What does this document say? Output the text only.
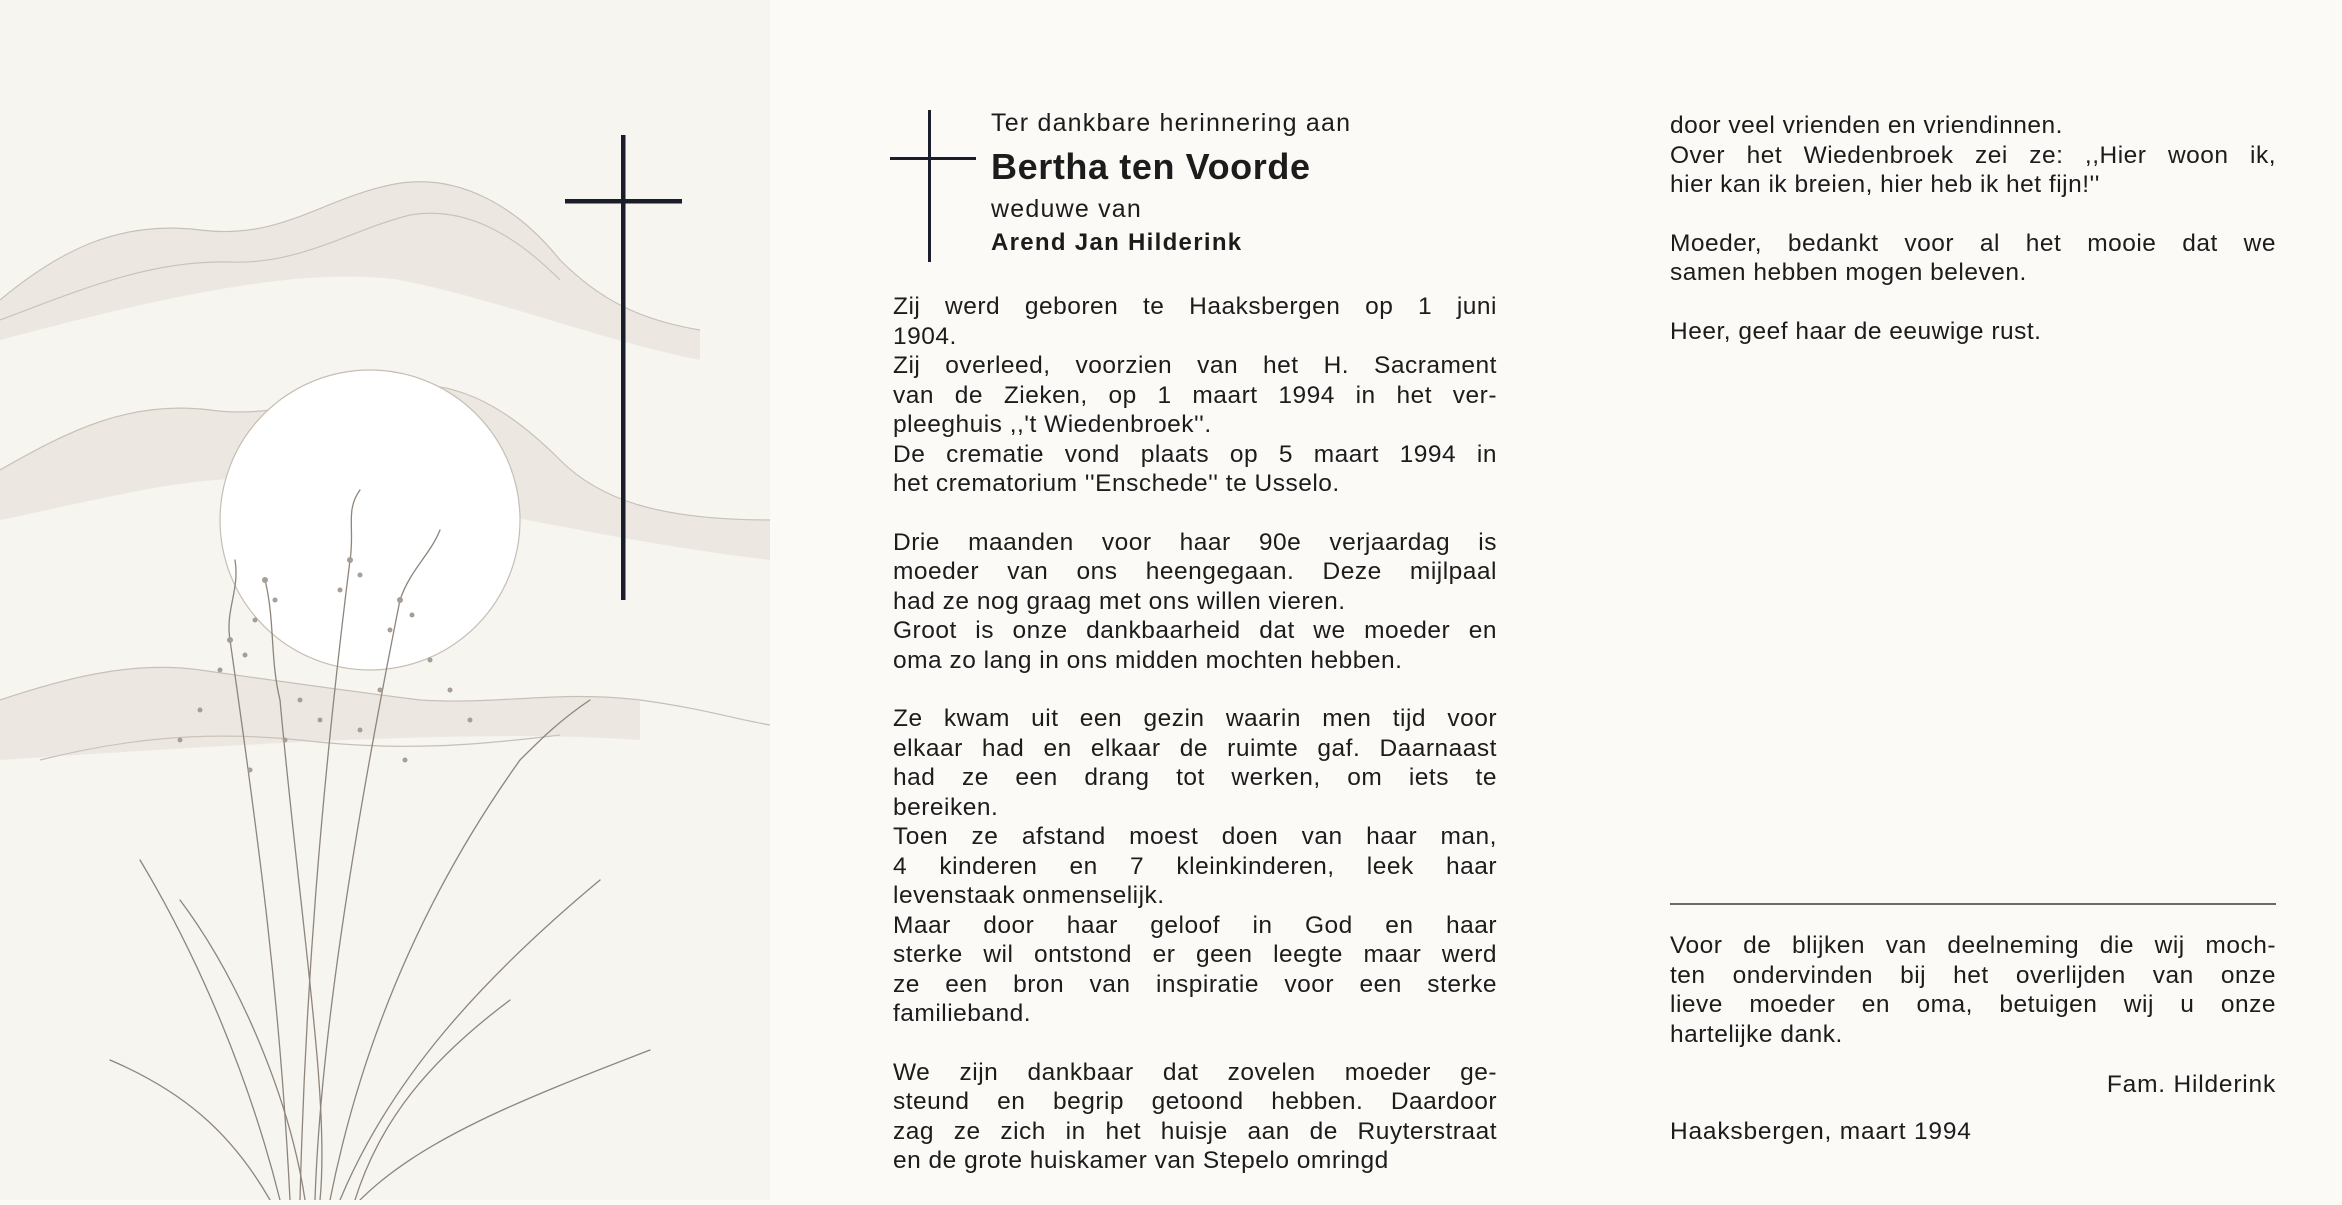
Ter dankbare herinnering aan
Bertha ten Voorde
weduwe van
Arend Jan Hilderink
Zij werd geboren te Haaksbergen op 1 juni
1904.
Zij overleed, voorzien van het H. Sacrament
van de Zieken, op 1 maart 1994 in het ver-
pleeghuis ,,'t Wiedenbroek''.
De crematie vond plaats op 5 maart 1994 in
het crematorium ''Enschede'' te Usselo.
Drie maanden voor haar 90e verjaardag is
moeder van ons heengegaan. Deze mijlpaal
had ze nog graag met ons willen vieren.
Groot is onze dankbaarheid dat we moeder en
oma zo lang in ons midden mochten hebben.
Ze kwam uit een gezin waarin men tijd voor
elkaar had en elkaar de ruimte gaf. Daarnaast
had ze een drang tot werken, om iets te
bereiken.
Toen ze afstand moest doen van haar man,
4 kinderen en 7 kleinkinderen, leek haar
levenstaak onmenselijk.
Maar door haar geloof in God en haar
sterke wil ontstond er geen leegte maar werd
ze een bron van inspiratie voor een sterke
familieband.
We zijn dankbaar dat zovelen moeder ge-
steund en begrip getoond hebben. Daardoor
zag ze zich in het huisje aan de Ruyterstraat
en de grote huiskamer van Stepelo omringd
door veel vrienden en vriendinnen.
Over het Wiedenbroek zei ze: ,,Hier woon ik,
hier kan ik breien, hier heb ik het fijn!''
Moeder, bedankt voor al het mooie dat we
samen hebben mogen beleven.
Heer, geef haar de eeuwige rust.
Voor de blijken van deelneming die wij moch-
ten ondervinden bij het overlijden van onze
lieve moeder en oma, betuigen wij u onze
hartelijke dank.
Fam. Hilderink
Haaksbergen, maart 1994
